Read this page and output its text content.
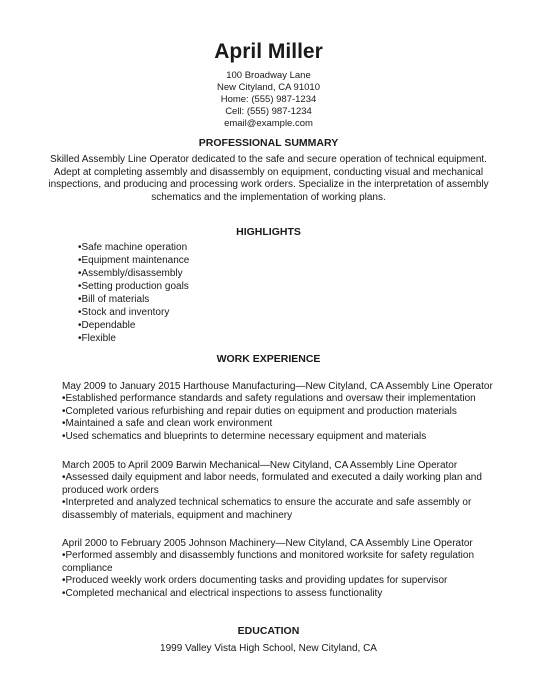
April Miller
100 Broadway Lane
New Cityland, CA 91010
Home: (555) 987-1234
Cell: (555) 987-1234
email@example.com
PROFESSIONAL SUMMARY
Skilled Assembly Line Operator dedicated to the safe and secure operation of technical equipment.
Adept at completing assembly and disassembly on equipment, conducting visual and mechanical
inspections, and producing and processing work orders. Specialize in the interpretation of assembly
schematics and the implementation of working plans.
HIGHLIGHTS
•Safe machine operation
•Equipment maintenance
•Assembly/disassembly
•Setting production goals
•Bill of materials
•Stock and inventory
•Dependable
•Flexible
WORK EXPERIENCE
May 2009 to January 2015 Harthouse Manufacturing—New Cityland, CA Assembly Line Operator
•Established performance standards and safety regulations and oversaw their implementation
•Completed various refurbishing and repair duties on equipment and production materials
•Maintained a safe and clean work environment
•Used schematics and blueprints to determine necessary equipment and materials
March 2005 to April 2009 Barwin Mechanical—New Cityland, CA Assembly Line Operator
•Assessed daily equipment and labor needs, formulated and executed a daily working plan and
produced work orders
•Interpreted and analyzed technical schematics to ensure the accurate and safe assembly or
disassembly of materials, equipment and machinery
April 2000 to February 2005 Johnson Machinery—New Cityland, CA Assembly Line Operator
•Performed assembly and disassembly functions and monitored worksite for safety regulation
compliance
•Produced weekly work orders documenting tasks and providing updates for supervisor
•Completed mechanical and electrical inspections to assess functionality
EDUCATION
1999 Valley Vista High School, New Cityland, CA
